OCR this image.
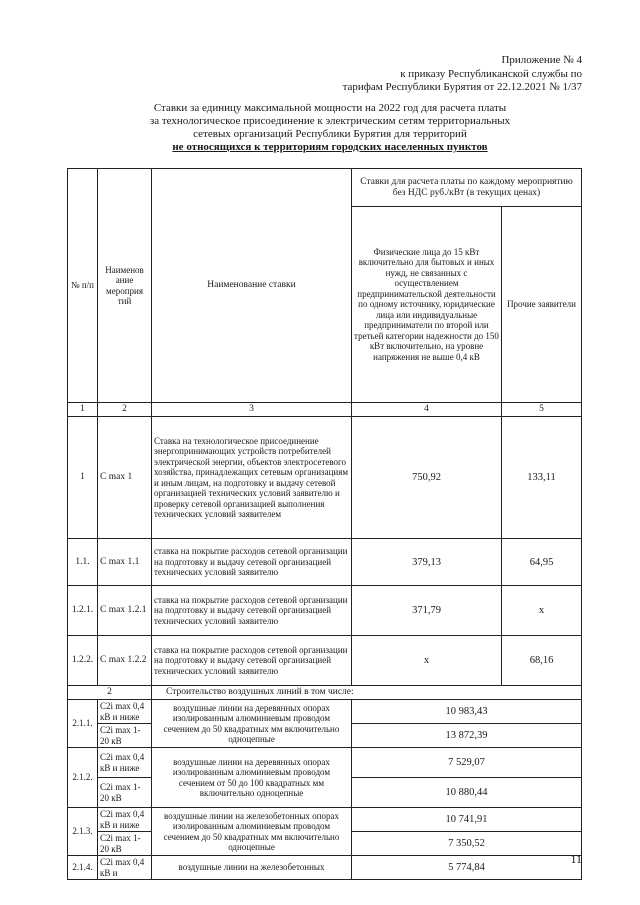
Приложение № 4
к приказу Республиканской службы по
тарифам Республики Бурятия от 22.12.2021 № 1/37
Ставки за единицу максимальной мощности на 2022 год для расчета платы
за технологическое присоединение к электрическим сетям территориальных
сетевых организаций Республики Бурятия для территорий
не относящихся к территориям городских населенных пунктов
№ п/п	Наименов ание мероприя тий	Наименование ставки	Ставки для расчета платы по каждому мероприятию без НДС руб./кВт (в текущих ценах)	
			Физические лица до 15 кВт включительно для бытовых и иных нужд, не связанных с осуществлением предпринимательской деятельности по одному источнику, юридические лица или индивидуальные предприниматели по второй или третьей категории надежности до 150 кВт включительно, на уровне напряжения не выше 0,4 кВ	Прочие заявители
1	2	3	4	5
1	C max 1	Ставка на технологическое присоединение энергопринимающих устройств потребителей электрической энергии, объектов электросетевого хозяйства, принадлежащих сетевым организациям и иным лицам, на подготовку и выдачу сетевой организацией технических условий заявителю и проверку сетевой организацией выполнения технических условий заявителем	750,92	133,11
1.1.	C max 1.1	ставка на покрытие расходов сетевой организации на подготовку и выдачу сетевой организацией технических условий заявителю	379,13	64,95
1.2.1.	C max 1.2.1	ставка на покрытие расходов сетевой организации на подготовку и выдачу сетевой организацией технических условий заявителю	371,79	x
1.2.2.	C max 1.2.2	ставка на покрытие расходов сетевой организации на подготовку и выдачу сетевой организацией технических условий заявителю	x	68,16
2		Строительство воздушных линий в том числе:		
2.1.1.	C2i max 0,4 кВ и ниже	воздушные линии на деревянных опорах изолированным алюминиевым проводом сечением до 50 квадратных мм включительно одноцепные	10 983,43	
	C2i max 1-20 кВ		13 872,39	
2.1.2.	C2i max 0,4 кВ и ниже	воздушные линии на деревянных опорах изолированным алюминиевым проводом сечением от 50 до 100 квадратных мм включительно одноцепные	7 529,07	
	C2i max 1-20 кВ		10 880,44	
2.1.3.	C2i max 0,4 кВ и ниже	воздушные линии на железобетонных опорах изолированным алюминиевым проводом сечением до 50 квадратных мм включительно одноцепные	10 741,91	
	C2i max 1-20 кВ		7 350,52	
2.1.4.	C2i max 0,4 кВ и	воздушные линии на железобетонных	5 774,84	
11
